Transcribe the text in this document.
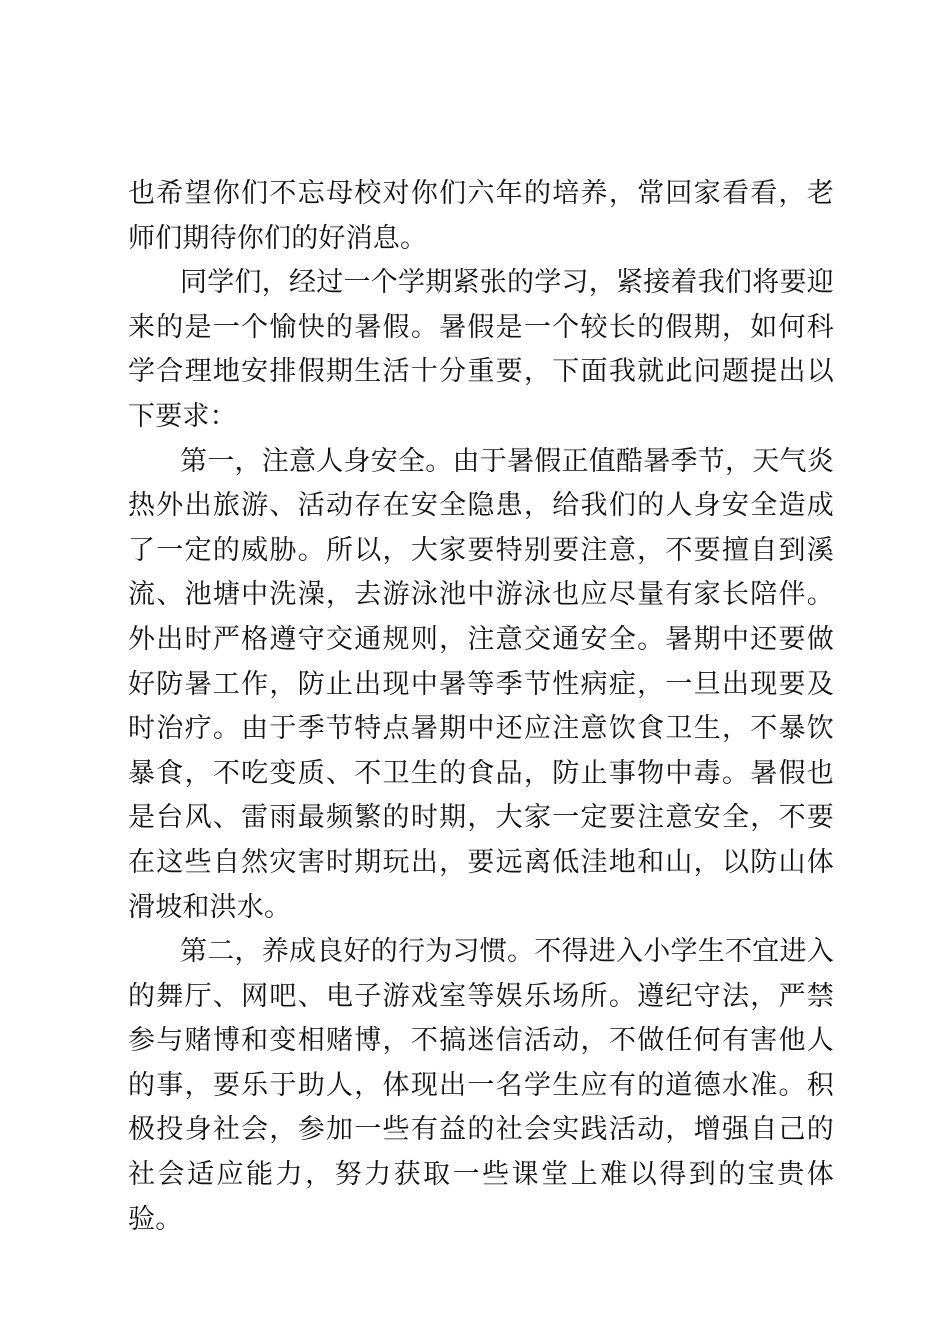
也希望你们不忘母校对你们六年的培养，常回家看看，老师们期待你们的好消息。

同学们，经过一个学期紧张的学习，紧接着我们将要迎来的是一个愉快的暑假。暑假是一个较长的假期，如何科学合理地安排假期生活十分重要，下面我就此问题提出以下要求：

第一，注意人身安全。由于暑假正值酷暑季节，天气炎热外出旅游、活动存在安全隐患，给我们的人身安全造成了一定的威胁。所以，大家要特别要注意，不要擅自到溪流、池塘中洗澡，去游泳池中游泳也应尽量有家长陪伴。外出时严格遵守交通规则，注意交通安全。暑期中还要做好防暑工作，防止出现中暑等季节性病症，一旦出现要及时治疗。由于季节特点暑期中还应注意饮食卫生，不暴饮暴食，不吃变质、不卫生的食品，防止事物中毒。暑假也是台风、雷雨最频繁的时期，大家一定要注意安全，不要在这些自然灾害时期玩出，要远离低洼地和山，以防山体滑坡和洪水。

第二，养成良好的行为习惯。不得进入小学生不宜进入的舞厅、网吧、电子游戏室等娱乐场所。遵纪守法，严禁参与赌博和变相赌博，不搞迷信活动，不做任何有害他人的事，要乐于助人，体现出一名学生应有的道德水准。积极投身社会，参加一些有益的社会实践活动，增强自己的社会适应能力，努力获取一些课堂上难以得到的宝贵体验。
